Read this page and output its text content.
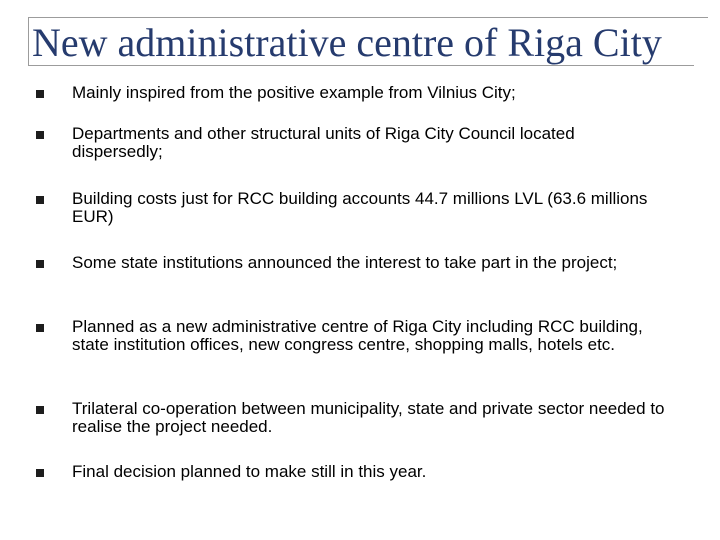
New administrative centre of Riga City
Mainly inspired from the positive example from Vilnius City;
Departments and other structural units of Riga City Council located dispersedly;
Building costs just for RCC building accounts 44.7 millions LVL (63.6 millions EUR)
Some state institutions announced the interest to take part in the project;
Planned as a new administrative centre of Riga City including RCC building, state institution offices, new congress centre, shopping malls, hotels etc.
Trilateral co-operation between municipality, state and private sector needed to realise the project needed.
Final decision planned to make still in this year.
